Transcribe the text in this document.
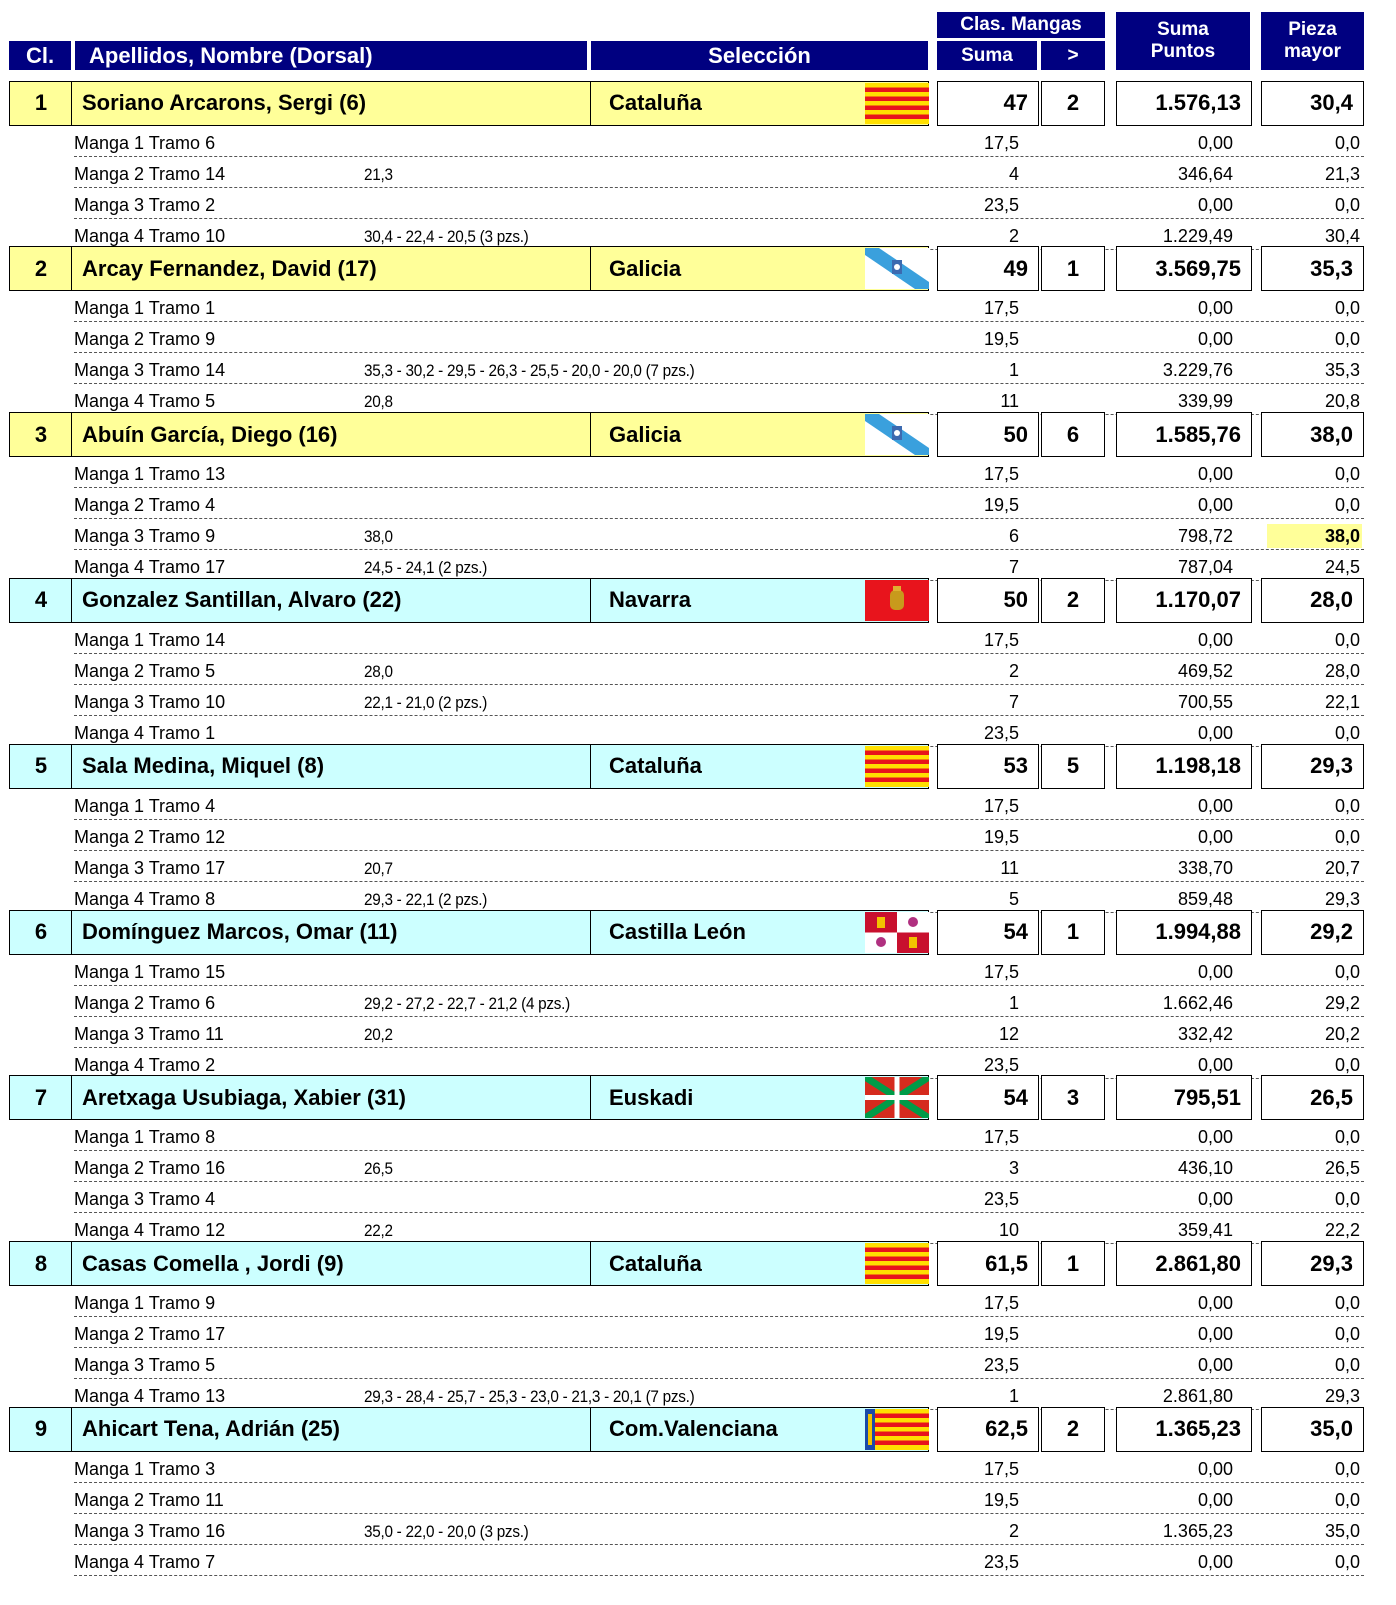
Cl.	Apellidos, Nombre (Dorsal)	Selección
Clas. Mangas
Suma	>
Suma
Puntos
Pieza
mayor
1	Soriano Arcarons, Sergi (6)	Cataluña	47	2	1.576,13	30,4
Manga 1 Tramo 6	17,5	0,00	0,0
Manga 2 Tramo 14	21,3	4	346,64	21,3
Manga 3 Tramo 2	23,5	0,00	0,0
Manga 4 Tramo 10	30,4 - 22,4 - 20,5 (3 pzs.)	2	1.229,49	30,4
2	Arcay Fernandez, David (17)	Galicia	49	1	3.569,75	35,3
Manga 1 Tramo 1	17,5	0,00	0,0
Manga 2 Tramo 9	19,5	0,00	0,0
Manga 3 Tramo 14	35,3 - 30,2 - 29,5 - 26,3 - 25,5 - 20,0 - 20,0 (7 pzs.)	1	3.229,76	35,3
Manga 4 Tramo 5	20,8	11	339,99	20,8
3	Abuín García, Diego (16)	Galicia	50	6	1.585,76	38,0
Manga 1 Tramo 13	17,5	0,00	0,0
Manga 2 Tramo 4	19,5	0,00	0,0
Manga 3 Tramo 9	38,0	6	798,72	38,0
Manga 4 Tramo 17	24,5 - 24,1 (2 pzs.)	7	787,04	24,5
4	Gonzalez Santillan, Alvaro (22)	Navarra	50	2	1.170,07	28,0
Manga 1 Tramo 14	17,5	0,00	0,0
Manga 2 Tramo 5	28,0	2	469,52	28,0
Manga 3 Tramo 10	22,1 - 21,0 (2 pzs.)	7	700,55	22,1
Manga 4 Tramo 1	23,5	0,00	0,0
5	Sala Medina, Miquel (8)	Cataluña	53	5	1.198,18	29,3
Manga 1 Tramo 4	17,5	0,00	0,0
Manga 2 Tramo 12	19,5	0,00	0,0
Manga 3 Tramo 17	20,7	11	338,70	20,7
Manga 4 Tramo 8	29,3 - 22,1 (2 pzs.)	5	859,48	29,3
6	Domínguez Marcos, Omar (11)	Castilla León	54	1	1.994,88	29,2
Manga 1 Tramo 15	17,5	0,00	0,0
Manga 2 Tramo 6	29,2 - 27,2 - 22,7 - 21,2 (4 pzs.)	1	1.662,46	29,2
Manga 3 Tramo 11	20,2	12	332,42	20,2
Manga 4 Tramo 2	23,5	0,00	0,0
7	Aretxaga Usubiaga, Xabier (31)	Euskadi	54	3	795,51	26,5
Manga 1 Tramo 8	17,5	0,00	0,0
Manga 2 Tramo 16	26,5	3	436,10	26,5
Manga 3 Tramo 4	23,5	0,00	0,0
Manga 4 Tramo 12	22,2	10	359,41	22,2
8	Casas Comella , Jordi (9)	Cataluña	61,5	1	2.861,80	29,3
Manga 1 Tramo 9	17,5	0,00	0,0
Manga 2 Tramo 17	19,5	0,00	0,0
Manga 3 Tramo 5	23,5	0,00	0,0
Manga 4 Tramo 13	29,3 - 28,4 - 25,7 - 25,3 - 23,0 - 21,3 - 20,1 (7 pzs.)	1	2.861,80	29,3
9	Ahicart Tena, Adrián (25)	Com.Valenciana	62,5	2	1.365,23	35,0
Manga 1 Tramo 3	17,5	0,00	0,0
Manga 2 Tramo 11	19,5	0,00	0,0
Manga 3 Tramo 16	35,0 - 22,0 - 20,0 (3 pzs.)	2	1.365,23	35,0
Manga 4 Tramo 7	23,5	0,00	0,0
